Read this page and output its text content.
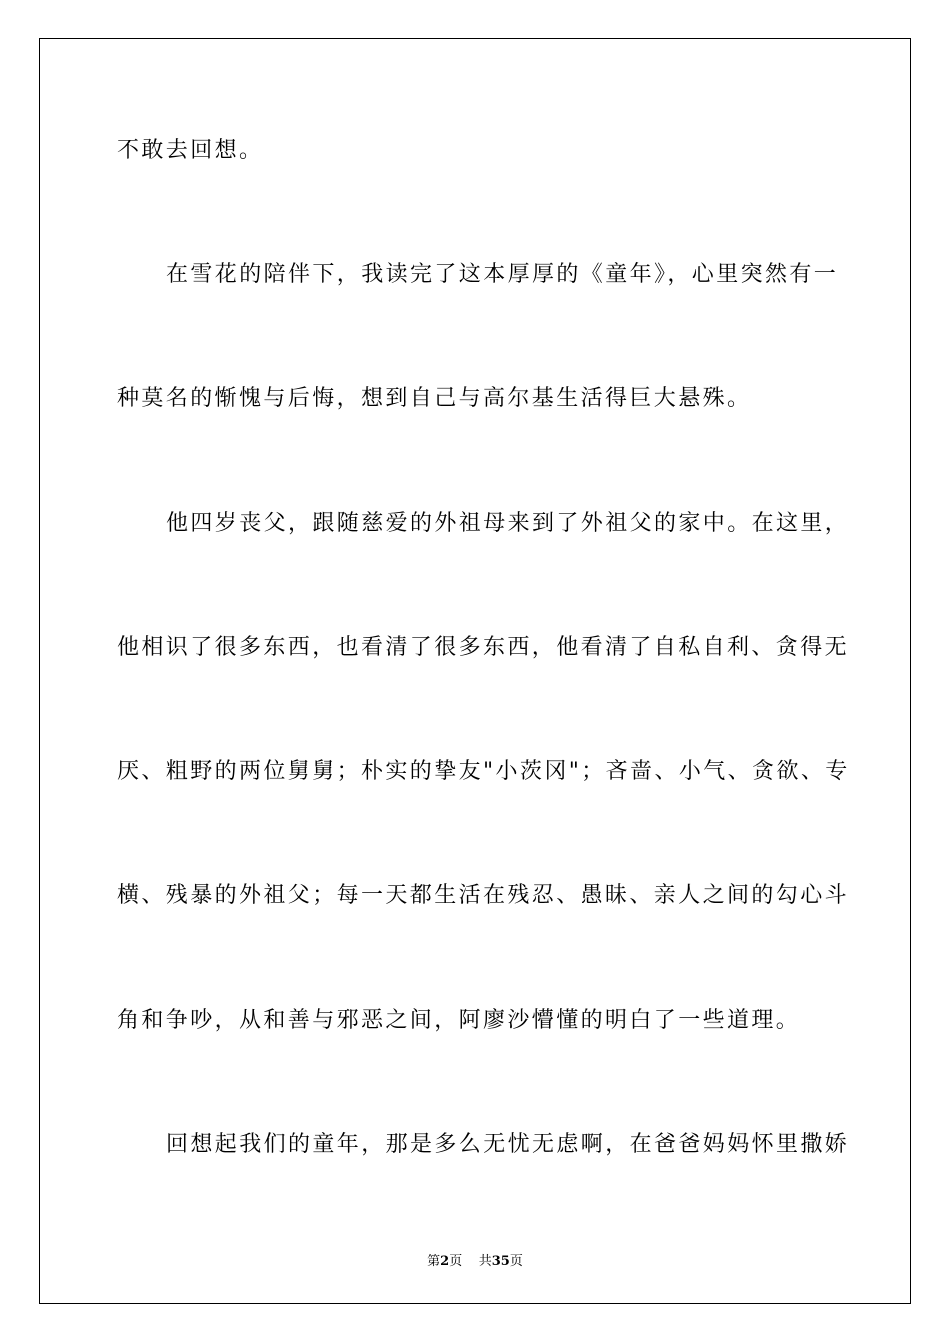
不敢去回想。
在雪花的陪伴下，我读完了这本厚厚的《童年》，心里突然有一
种莫名的惭愧与后悔，想到自己与高尔基生活得巨大悬殊。
他四岁丧父，跟随慈爱的外祖母来到了外祖父的家中。在这里，
他相识了很多东西，也看清了很多东西，他看清了自私自利、贪得无
厌、粗野的两位舅舅；朴实的挚友"小茨冈"；吝啬、小气、贪欲、专
横、残暴的外祖父；每一天都生活在残忍、愚昧、亲人之间的勾心斗
角和争吵，从和善与邪恶之间，阿廖沙懵懂的明白了一些道理。
回想起我们的童年，那是多么无忧无虑啊，在爸爸妈妈怀里撒娇
第2页 共35页
